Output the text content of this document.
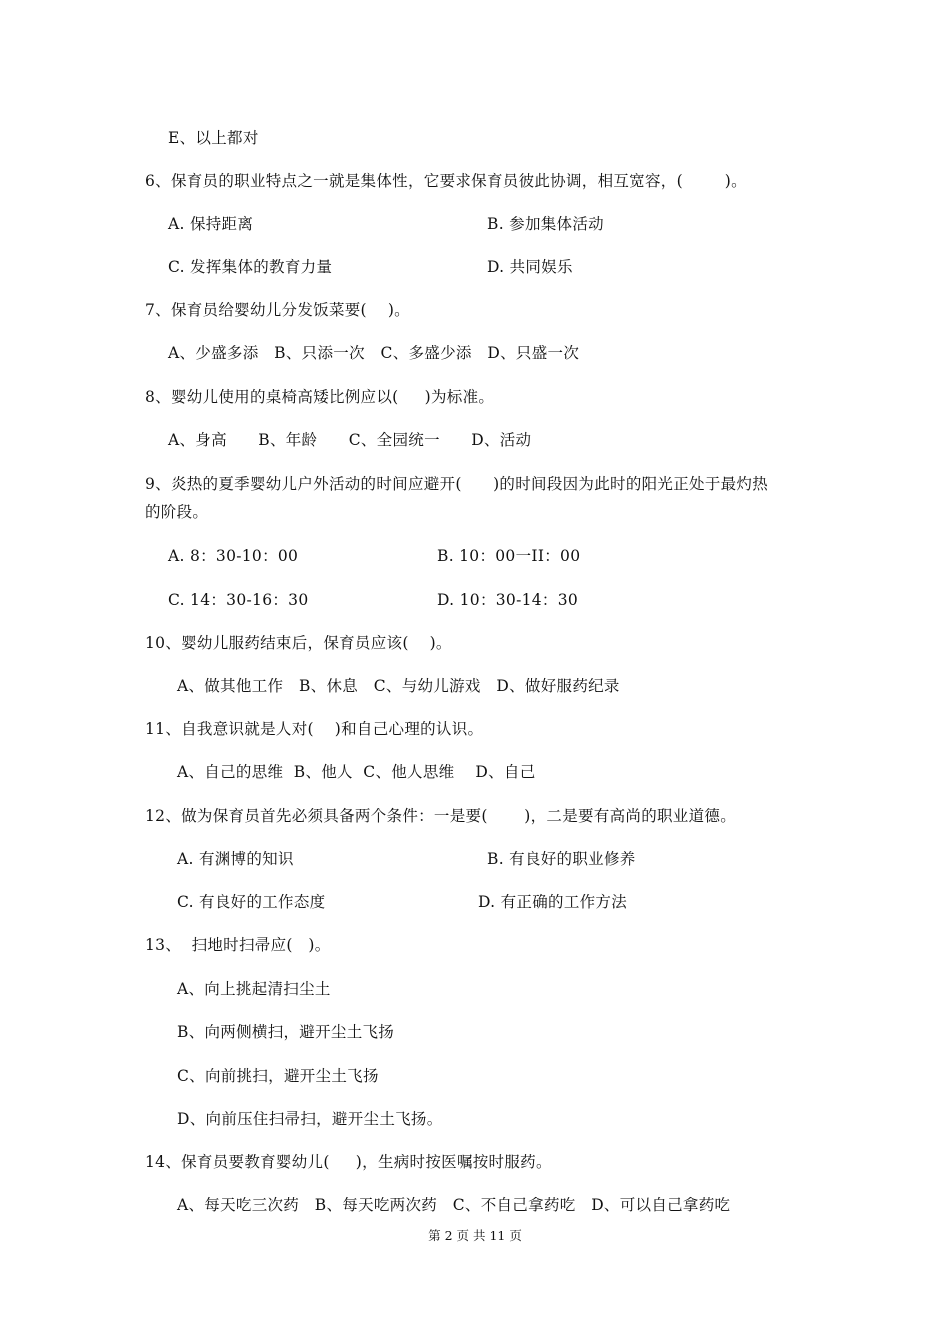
E、以上都对
6、保育员的职业特点之一就是集体性，它要求保育员彼此协调，相互宽容，(        )。
A. 保持距离	B. 参加集体活动
C. 发挥集体的教育力量	D. 共同娱乐
7、保育员给婴幼儿分发饭菜要(    )。
A、少盛多添   B、只添一次   C、多盛少添   D、只盛一次
8、婴幼儿使用的桌椅高矮比例应以(     )为标准。
A、身高      B、年龄      C、全园统一      D、活动
9、炎热的夏季婴幼儿户外活动的时间应避开(      )的时间段因为此时的阳光正处于最灼热
的阶段。
A. 8：30-10：00	B. 10：00一II：00
C. 14：30-16：30	D. 10：30-14：30
10、婴幼儿服药结束后，保育员应该(    )。
A、做其他工作   B、休息   C、与幼儿游戏   D、做好服药纪录
11、自我意识就是人对(    )和自己心理的认识。
A、自己的思维  B、他人  C、他人思维    D、自己
12、做为保育员首先必须具备两个条件：一是要(       )，二是要有高尚的职业道德。
A. 有渊博的知识	B. 有良好的职业修养
C. 有良好的工作态度	D. 有正确的工作方法
13、  扫地时扫帚应(   )。
A、向上挑起清扫尘土
B、向两侧横扫，避开尘土飞扬
C、向前挑扫，避开尘土飞扬
D、向前压住扫帚扫，避开尘土飞扬。
14、保育员要教育婴幼儿(     )，生病时按医嘱按时服药。
A、每天吃三次药   B、每天吃两次药   C、不自己拿药吃   D、可以自己拿药吃
第 2 页 共 11 页
